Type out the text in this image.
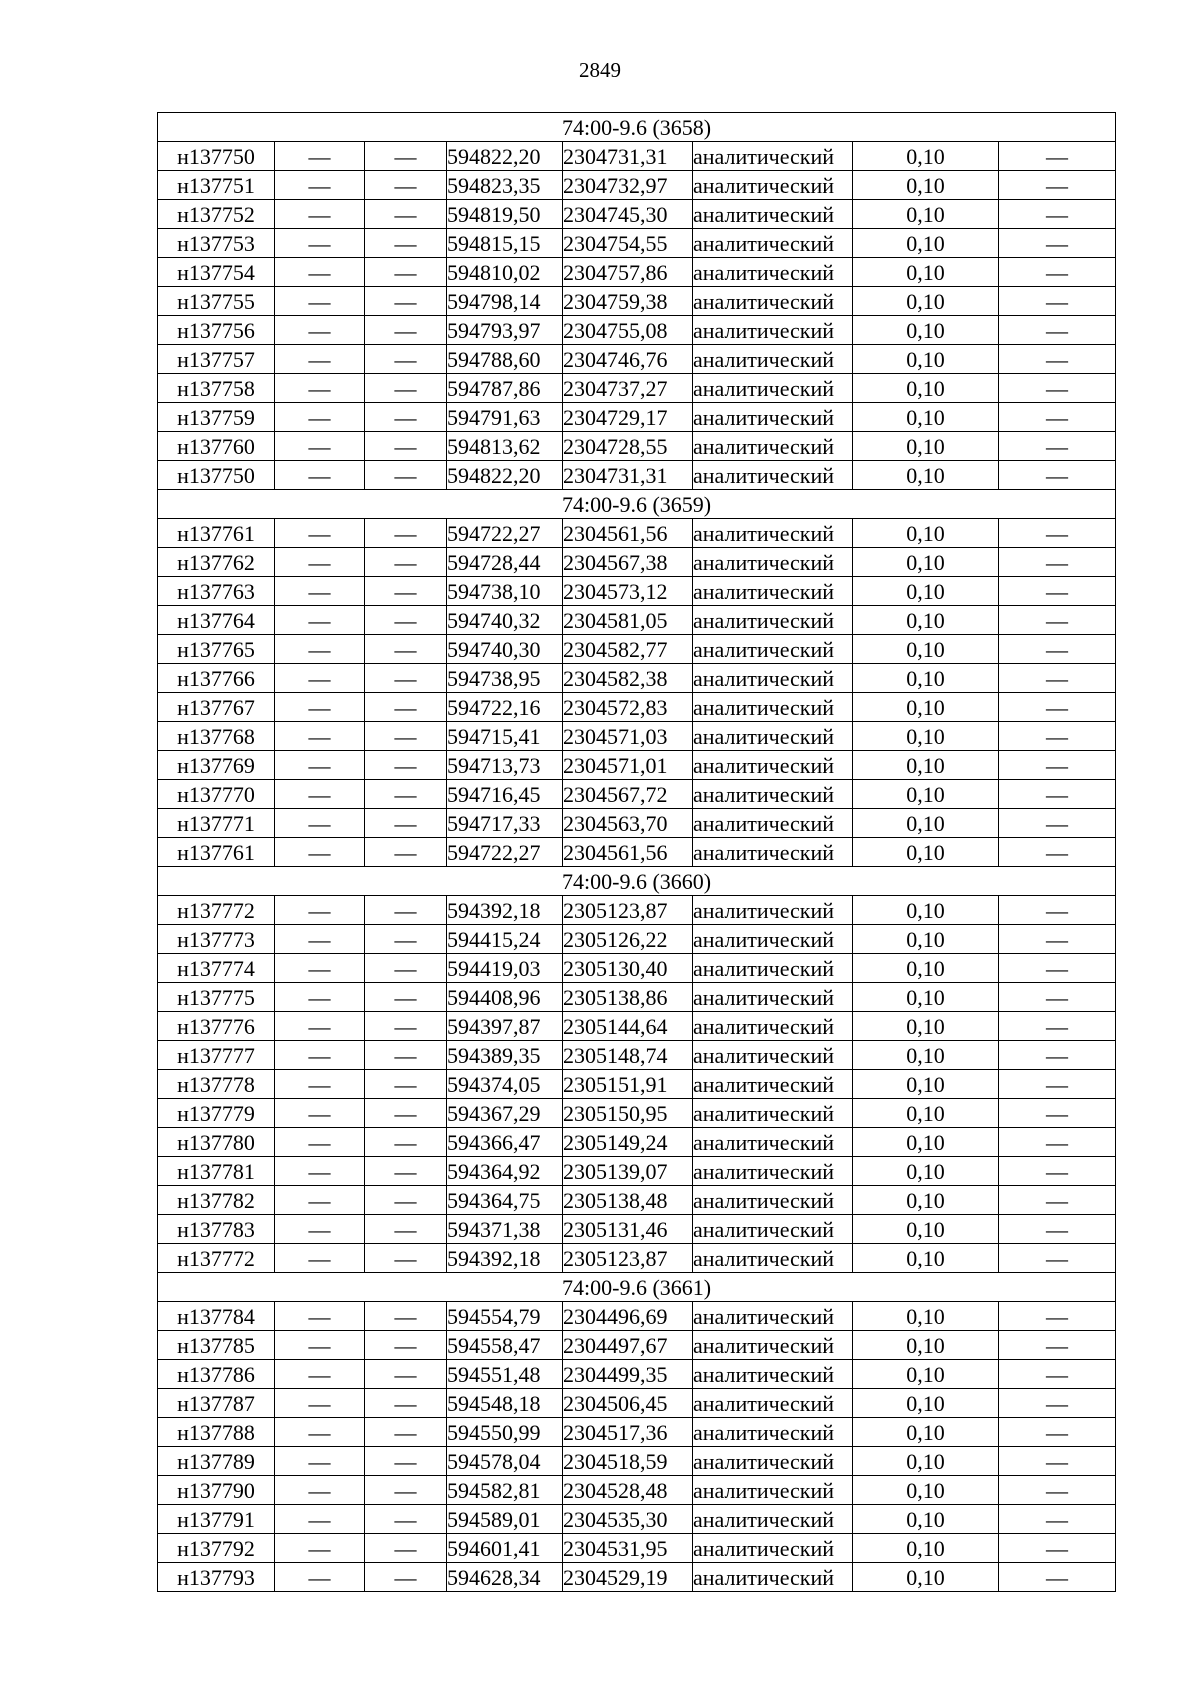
2849
74:00-9.6 (3658)							
н137750	—	—	594822,20	2304731,31	аналитический	0,10	—
н137751	—	—	594823,35	2304732,97	аналитический	0,10	—
н137752	—	—	594819,50	2304745,30	аналитический	0,10	—
н137753	—	—	594815,15	2304754,55	аналитический	0,10	—
н137754	—	—	594810,02	2304757,86	аналитический	0,10	—
н137755	—	—	594798,14	2304759,38	аналитический	0,10	—
н137756	—	—	594793,97	2304755,08	аналитический	0,10	—
н137757	—	—	594788,60	2304746,76	аналитический	0,10	—
н137758	—	—	594787,86	2304737,27	аналитический	0,10	—
н137759	—	—	594791,63	2304729,17	аналитический	0,10	—
н137760	—	—	594813,62	2304728,55	аналитический	0,10	—
н137750	—	—	594822,20	2304731,31	аналитический	0,10	—
74:00-9.6 (3659)							
н137761	—	—	594722,27	2304561,56	аналитический	0,10	—
н137762	—	—	594728,44	2304567,38	аналитический	0,10	—
н137763	—	—	594738,10	2304573,12	аналитический	0,10	—
н137764	—	—	594740,32	2304581,05	аналитический	0,10	—
н137765	—	—	594740,30	2304582,77	аналитический	0,10	—
н137766	—	—	594738,95	2304582,38	аналитический	0,10	—
н137767	—	—	594722,16	2304572,83	аналитический	0,10	—
н137768	—	—	594715,41	2304571,03	аналитический	0,10	—
н137769	—	—	594713,73	2304571,01	аналитический	0,10	—
н137770	—	—	594716,45	2304567,72	аналитический	0,10	—
н137771	—	—	594717,33	2304563,70	аналитический	0,10	—
н137761	—	—	594722,27	2304561,56	аналитический	0,10	—
74:00-9.6 (3660)							
н137772	—	—	594392,18	2305123,87	аналитический	0,10	—
н137773	—	—	594415,24	2305126,22	аналитический	0,10	—
н137774	—	—	594419,03	2305130,40	аналитический	0,10	—
н137775	—	—	594408,96	2305138,86	аналитический	0,10	—
н137776	—	—	594397,87	2305144,64	аналитический	0,10	—
н137777	—	—	594389,35	2305148,74	аналитический	0,10	—
н137778	—	—	594374,05	2305151,91	аналитический	0,10	—
н137779	—	—	594367,29	2305150,95	аналитический	0,10	—
н137780	—	—	594366,47	2305149,24	аналитический	0,10	—
н137781	—	—	594364,92	2305139,07	аналитический	0,10	—
н137782	—	—	594364,75	2305138,48	аналитический	0,10	—
н137783	—	—	594371,38	2305131,46	аналитический	0,10	—
н137772	—	—	594392,18	2305123,87	аналитический	0,10	—
74:00-9.6 (3661)							
н137784	—	—	594554,79	2304496,69	аналитический	0,10	—
н137785	—	—	594558,47	2304497,67	аналитический	0,10	—
н137786	—	—	594551,48	2304499,35	аналитический	0,10	—
н137787	—	—	594548,18	2304506,45	аналитический	0,10	—
н137788	—	—	594550,99	2304517,36	аналитический	0,10	—
н137789	—	—	594578,04	2304518,59	аналитический	0,10	—
н137790	—	—	594582,81	2304528,48	аналитический	0,10	—
н137791	—	—	594589,01	2304535,30	аналитический	0,10	—
н137792	—	—	594601,41	2304531,95	аналитический	0,10	—
н137793	—	—	594628,34	2304529,19	аналитический	0,10	—
